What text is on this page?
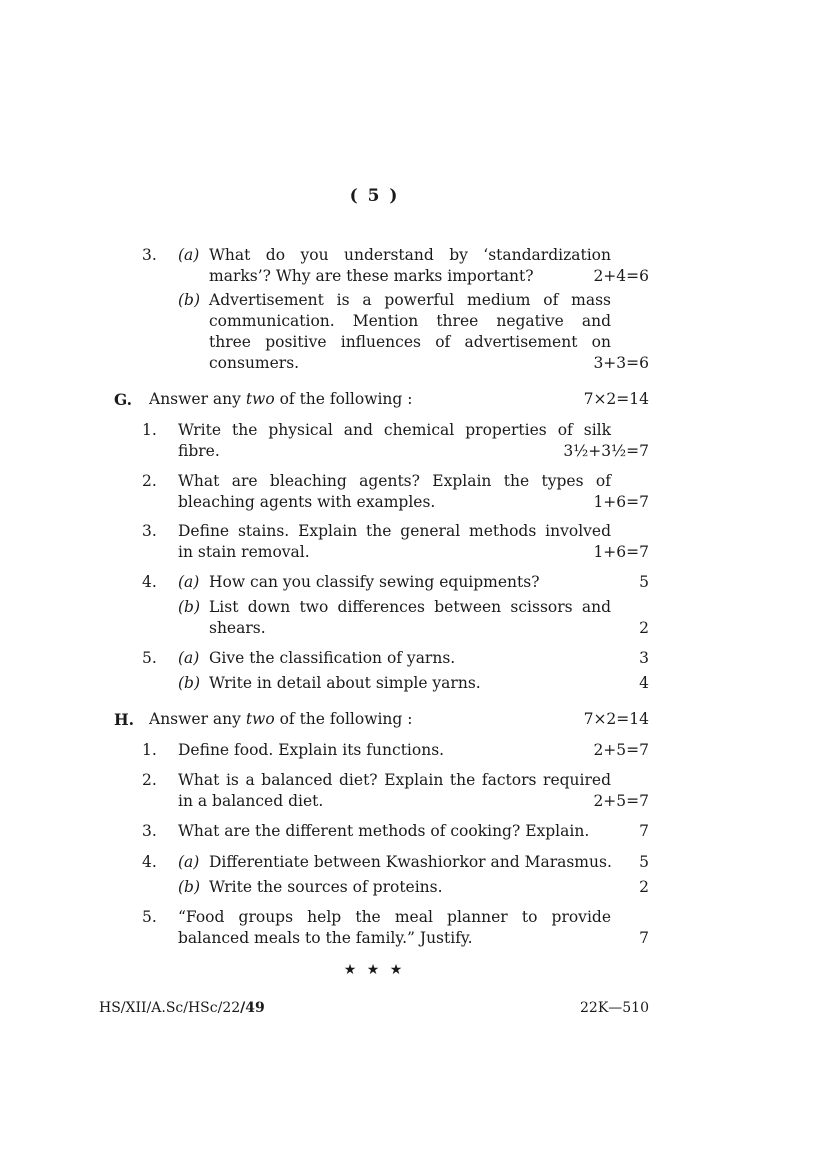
( 5 )
3. (a) What do you understand by ‘standardization
marks’? Why are these marks important?	2+4=6
(b) Advertisement is a powerful medium of mass
communication. Mention three negative and
three positive influences of advertisement on
consumers.	3+3=6
G. Answer any two of the following :	7×2=14
1. Write the physical and chemical properties of silk
fibre.	3½+3½=7
2. What are bleaching agents? Explain the types of
bleaching agents with examples.	1+6=7
3. Define stains. Explain the general methods involved
in stain removal.	1+6=7
4. (a) How can you classify sewing equipments?	5
(b) List down two differences between scissors and
shears.	2
5. (a) Give the classification of yarns.	3
(b) Write in detail about simple yarns.	4
H. Answer any two of the following :	7×2=14
1. Define food. Explain its functions.	2+5=7
2. What is a balanced diet? Explain the factors required
in a balanced diet.	2+5=7
3. What are the different methods of cooking? Explain.	7
4. (a) Differentiate between Kwashiorkor and Marasmus.	5
(b) Write the sources of proteins.	2
5. “Food groups help the meal planner to provide
balanced meals to the family.” Justify.	7
★ ★ ★
HS/XII/A.Sc/HSc/22/49	22K—510
